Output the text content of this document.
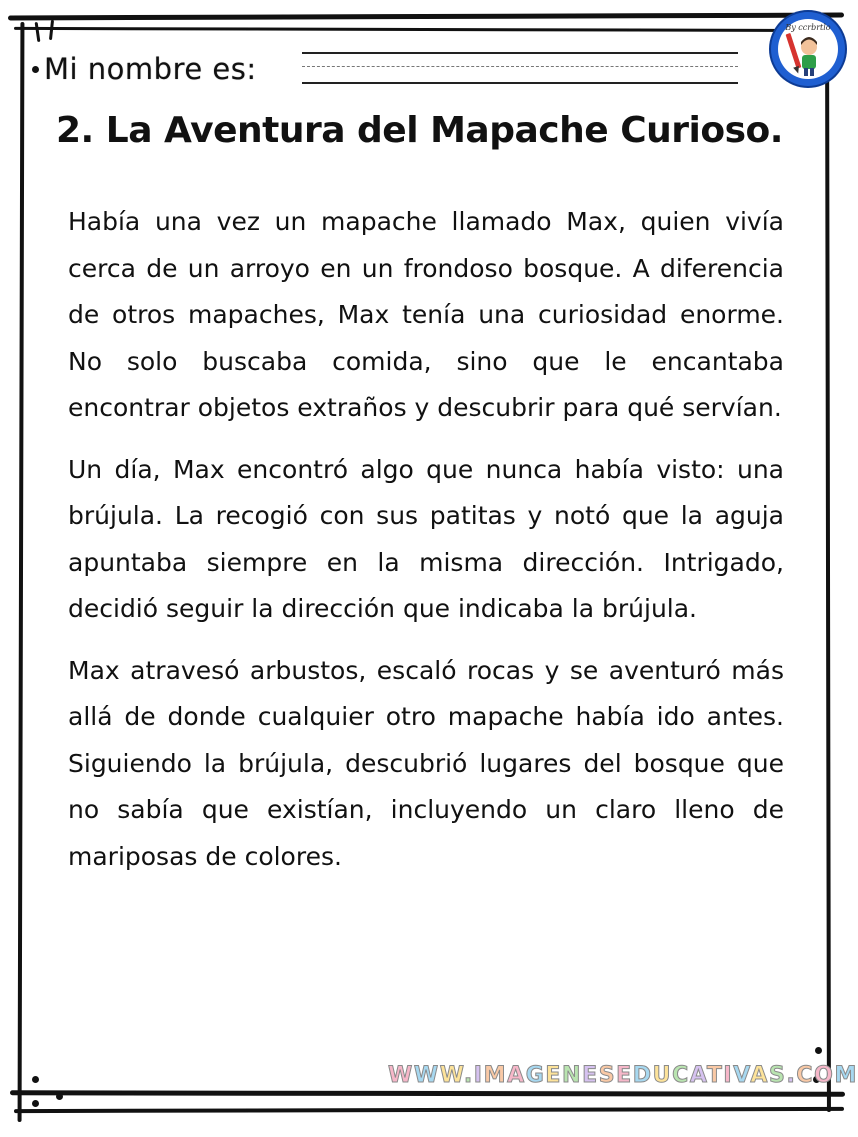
Mi nombre es:
By ccrbrtlo
2. La Aventura del Mapache Curioso.

Había una vez un mapache llamado Max, quien vivía cerca de un arroyo en un frondoso bosque. A diferencia de otros mapaches, Max tenía una curiosidad enorme. No solo buscaba comida, sino que le encantaba encontrar objetos extraños y descubrir para qué servían.

Un día, Max encontró algo que nunca había visto: una brújula. La recogió con sus patitas y notó que la aguja apuntaba siempre en la misma dirección. Intrigado, decidió seguir la dirección que indicaba la brújula.

Max atravesó arbustos, escaló rocas y se aventuró más allá de donde cualquier otro mapache había ido antes. Siguiendo la brújula, descubrió lugares del bosque que no sabía que existían, incluyendo un claro lleno de mariposas de colores.

WWW.IMAGENESEDUCATIVAS.COM
